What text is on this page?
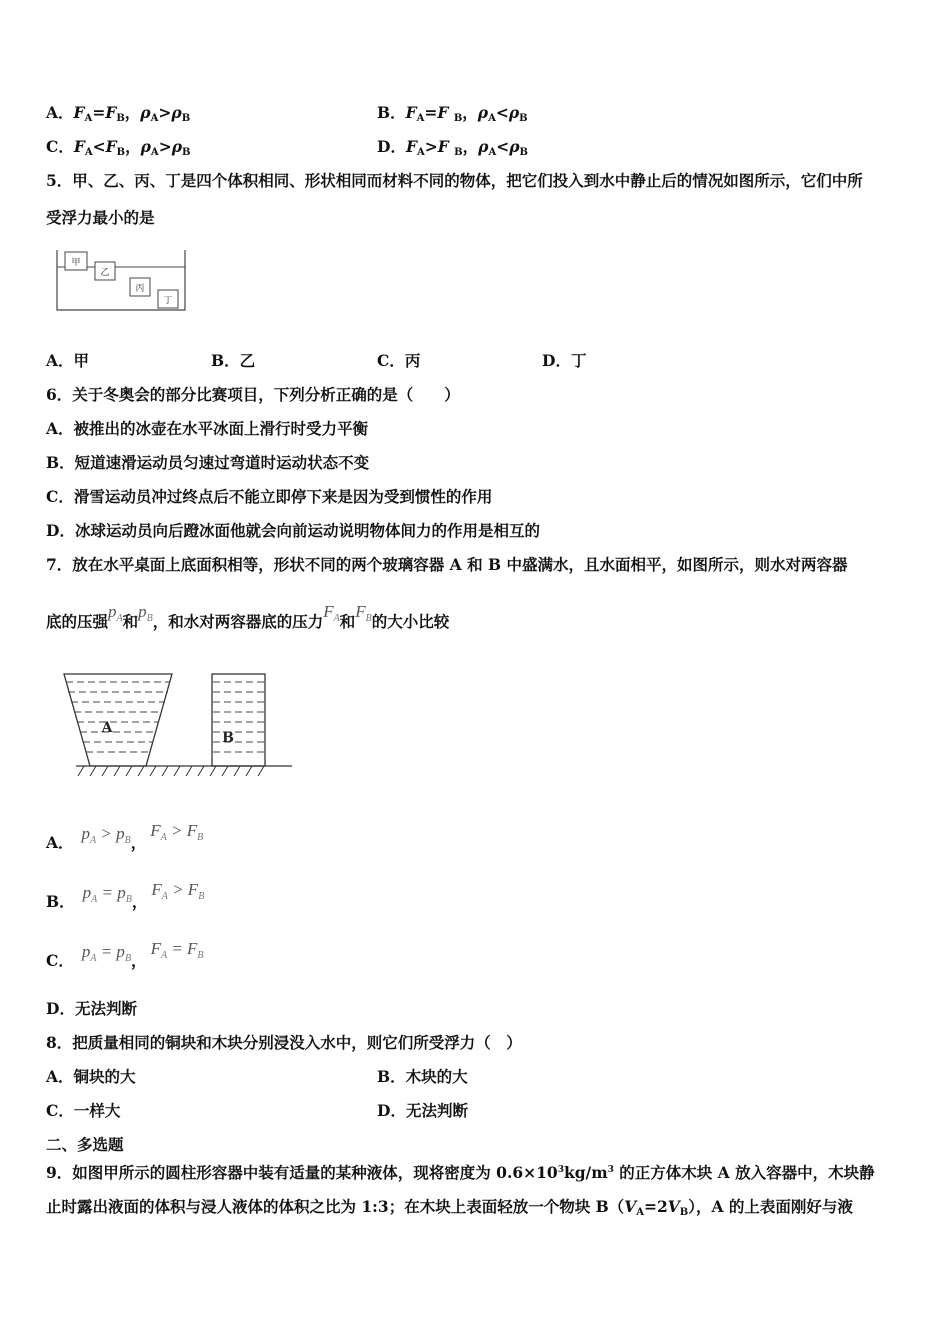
A．$F_A=F_B$，$\rho_A>\rho_B$	B．$F_A=F$ $_B$，$\rho_A<\rho_B$
C．$F_A<F_B$，$\rho_A>\rho_B$	D．$F_A>F$ $_B$，$\rho_A<\rho_B$
5．甲、乙、丙、丁是四个体积相同、形状相同而材料不同的物体，把它们投入到水中静止后的情况如图所示，它们中所
受浮力最小的是
甲
乙
丙
丁
A．甲	B．乙	C．丙	D．丁
6．关于冬奥会的部分比赛项目，下列分析正确的是（　　）
A．被推出的冰壶在水平冰面上滑行时受力平衡
B．短道速滑运动员匀速过弯道时运动状态不变
C．滑雪运动员冲过终点后不能立即停下来是因为受到惯性的作用
D．冰球运动员向后蹬冰面他就会向前运动说明物体间力的作用是相互的
7．放在水平桌面上底面积相等，形状不同的两个玻璃容器 A 和 B 中盛满水，且水面相平，如图所示，则水对两容器
底的压强$p_A$和$p_B$，和水对两容器底的压力$F_A$和$F_B$的大小比较
A
B
A． $p_A > p_B$，$F_A > F_B$
B． $p_A = p_B$，$F_A > F_B$
C． $p_A = p_B$，$F_A = F_B$
D．无法判断
8．把质量相同的铜块和木块分别浸没入水中，则它们所受浮力（　）
A．铜块的大	B．木块的大
C．一样大	D．无法判断
二、多选题
9．如图甲所示的圆柱形容器中装有适量的某种液体，现将密度为 $0.6\times 10^3kg/m^3$ 的正方体木块 A 放入容器中，木块静
止时露出液面的体积与浸人液体的体积之比为 1:3；在木块上表面轻放一个物块 $B(V_A=2V_B)$，A 的上表面刚好与液
